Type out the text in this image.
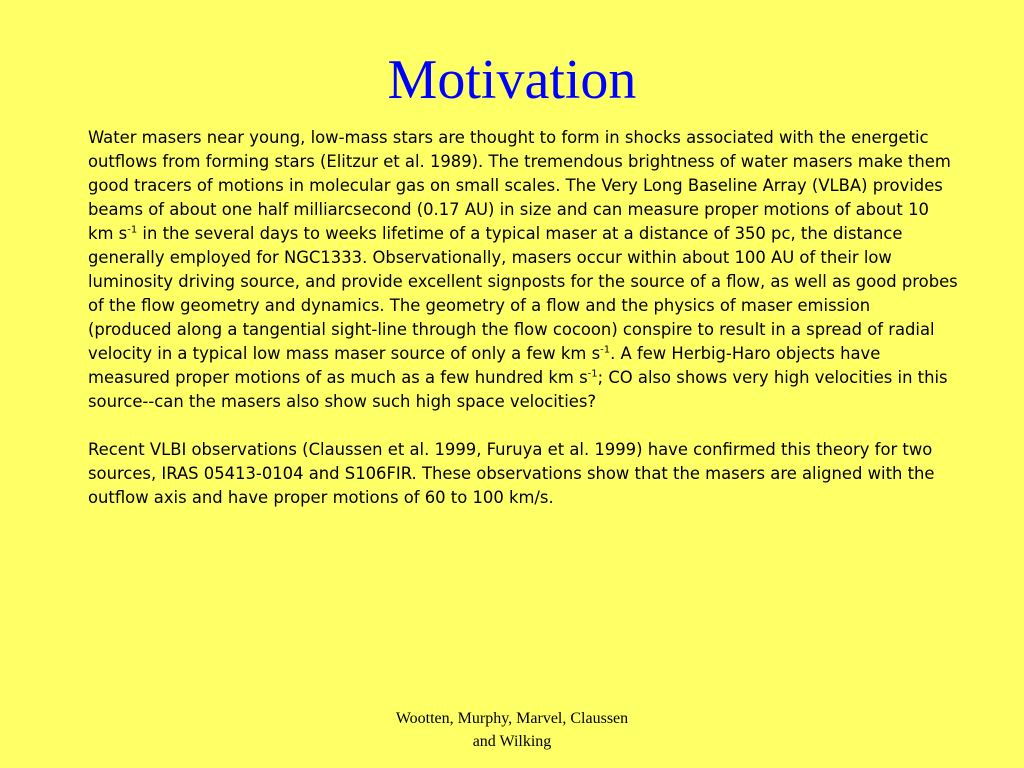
Motivation

Water masers near young, low-mass stars are thought to form in shocks associated with the energetic outflows from forming stars (Elitzur et al. 1989). The tremendous brightness of water masers make them good tracers of motions in molecular gas on small scales. The Very Long Baseline Array (VLBA) provides beams of about one half milliarcsecond (0.17 AU) in size and can measure proper motions of about 10 km $s^{-1}$ in the several days to weeks lifetime of a typical maser at a distance of 350 pc, the distance generally employed for NGC1333. Observationally, masers occur within about 100 AU of their low luminosity driving source, and provide excellent signposts for the source of a flow, as well as good probes of the flow geometry and dynamics. The geometry of a flow and the physics of maser emission (produced along a tangential sight-line through the flow cocoon) conspire to result in a spread of radial velocity in a typical low mass maser source of only a few km $s^{-1}$. A few Herbig-Haro objects have measured proper motions of as much as a few hundred km $s^{-1}$; CO also shows very high velocities in this source--can the masers also show such high space velocities?

Recent VLBI observations (Claussen et al. 1999, Furuya et al. 1999) have confirmed this theory for two sources, IRAS 05413-0104 and S106FIR. These observations show that the masers are aligned with the outflow axis and have proper motions of 60 to 100 km/s.

Wootten, Murphy, Marvel, Claussen
and Wilking
